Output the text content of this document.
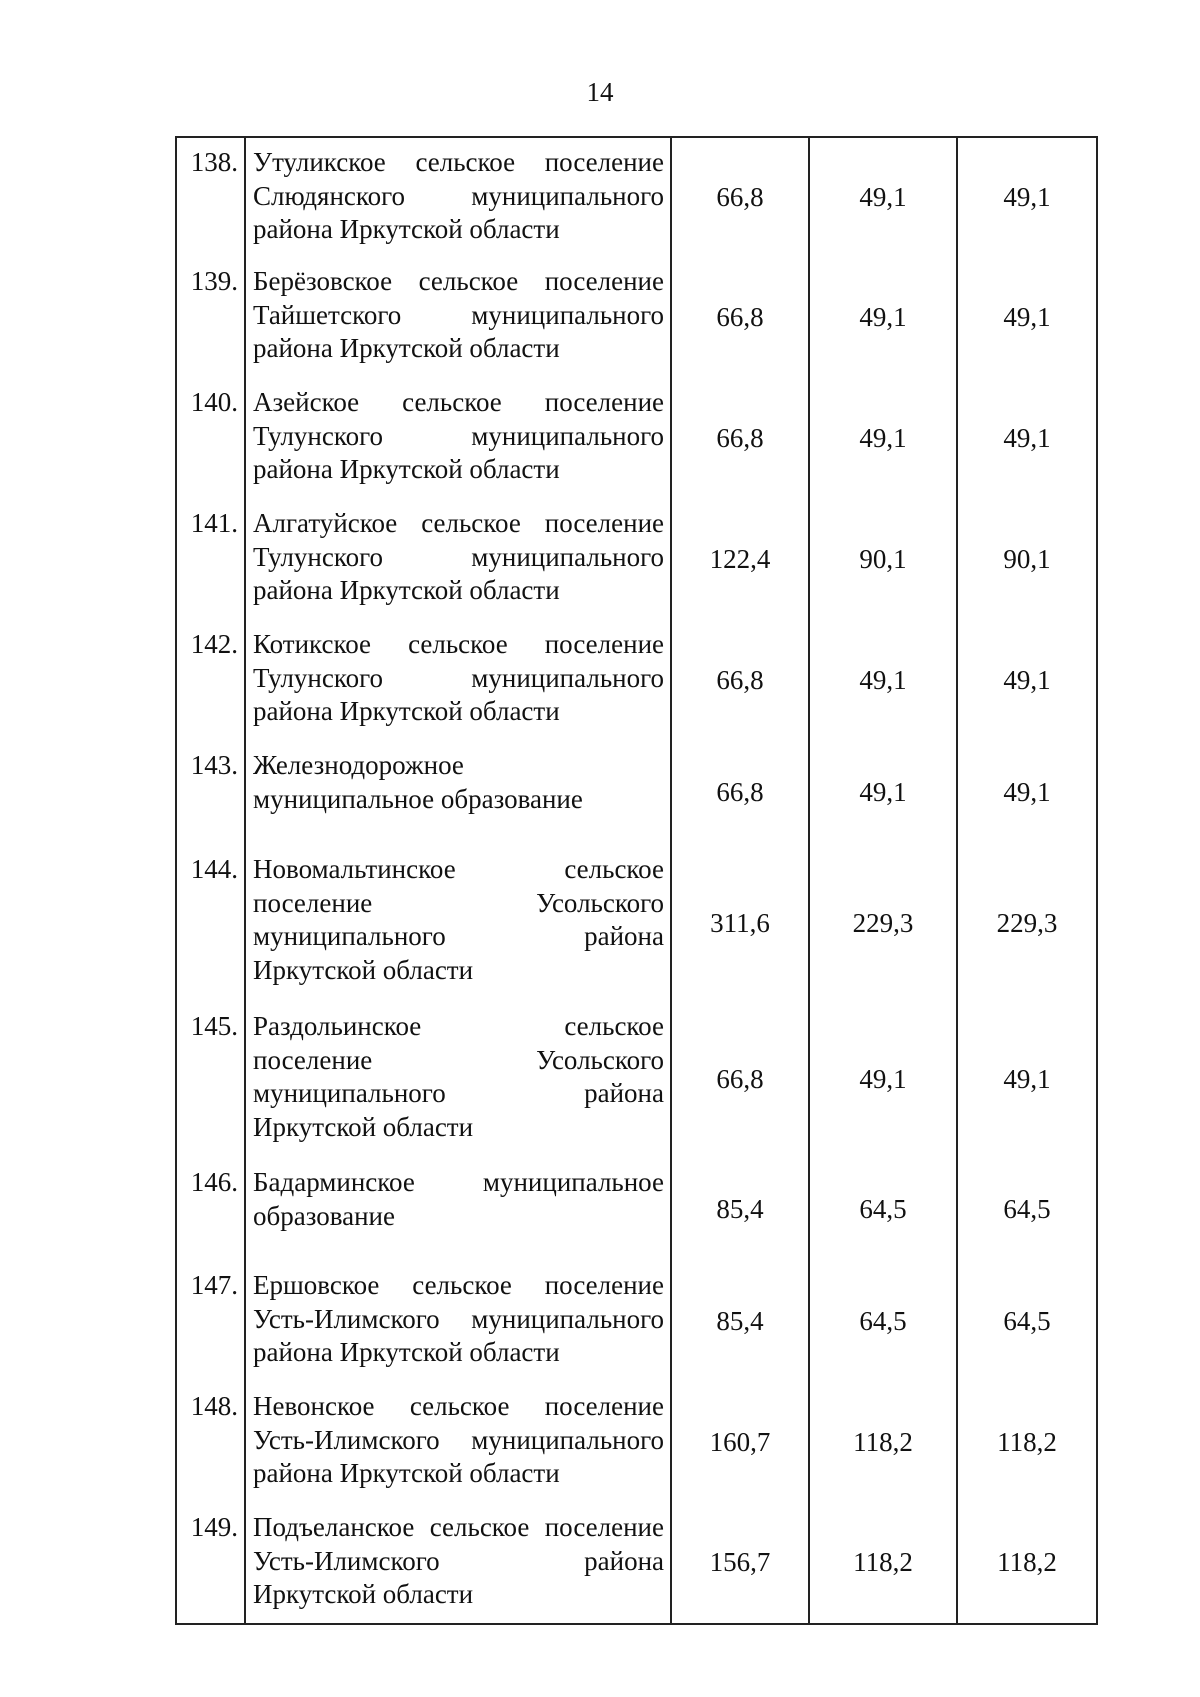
14
138.	Утуликское сельское поселение
Слюдянского муниципального
района Иркутской области	66,8	49,1	49,1
139.	Берёзовское сельское поселение
Тайшетского муниципального
района Иркутской области	66,8	49,1	49,1
140.	Азейское сельское поселение
Тулунского муниципального
района Иркутской области	66,8	49,1	49,1
141.	Алгатуйское сельское поселение
Тулунского муниципального
района Иркутской области	122,4	90,1	90,1
142.	Котикское сельское поселение
Тулунского муниципального
района Иркутской области	66,8	49,1	49,1
143.	Железнодорожное
муниципальное образование	66,8	49,1	49,1
144.	Новомальтинское сельское
поселение Усольского
муниципального района
Иркутской области	311,6	229,3	229,3
145.	Раздольинское сельское
поселение Усольского
муниципального района
Иркутской области	66,8	49,1	49,1
146.	Бадарминское муниципальное
образование	85,4	64,5	64,5
147.	Ершовское сельское поселение
Усть-Илимского муниципального
района Иркутской области	85,4	64,5	64,5
148.	Невонское сельское поселение
Усть-Илимского муниципального
района Иркутской области	160,7	118,2	118,2
149.	Подъеланское сельское поселение
Усть-Илимского района
Иркутской области	156,7	118,2	118,2
